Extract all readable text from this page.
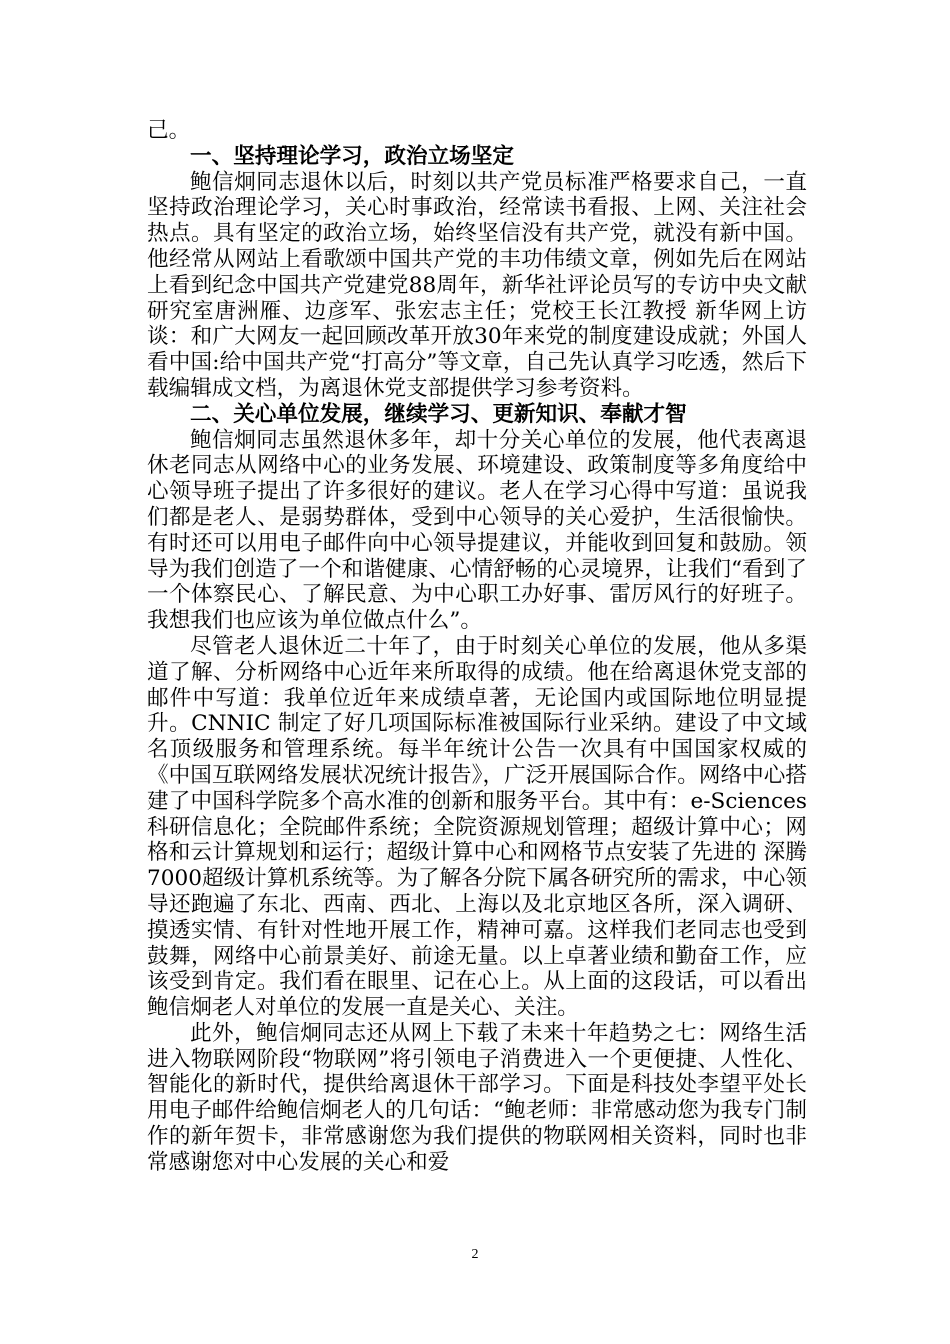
己。

一、坚持理论学习，政治立场坚定

鲍信炯同志退休以后，时刻以共产党员标准严格要求自己，一直坚持政治理论学习，关心时事政治，经常读书看报、上网、关注社会热点。具有坚定的政治立场，始终坚信没有共产党，就没有新中国。他经常从网站上看歌颂中国共产党的丰功伟绩文章，例如先后在网站上看到纪念中国共产党建党88周年，新华社评论员写的专访中央文献研究室唐洲雁、边彦军、张宏志主任；党校王长江教授 新华网上访谈：和广大网友一起回顾改革开放30年来党的制度建设成就；外国人看中国:给中国共产党“打高分”等文章，自己先认真学习吃透，然后下载编辑成文档，为离退休党支部提供学习参考资料。

二、关心单位发展，继续学习、更新知识、奉献才智

鲍信炯同志虽然退休多年，却十分关心单位的发展，他代表离退休老同志从网络中心的业务发展、环境建设、政策制度等多角度给中心领导班子提出了许多很好的建议。老人在学习心得中写道：虽说我们都是老人、是弱势群体，受到中心领导的关心爱护，生活很愉快。有时还可以用电子邮件向中心领导提建议，并能收到回复和鼓励。领导为我们创造了一个和谐健康、心情舒畅的心灵境界，让我们“看到了一个体察民心、了解民意、为中心职工办好事、雷厉风行的好班子。我想我们也应该为单位做点什么”。

尽管老人退休近二十年了，由于时刻关心单位的发展，他从多渠道了解、分析网络中心近年来所取得的成绩。他在给离退休党支部的邮件中写道：我单位近年来成绩卓著，无论国内或国际地位明显提升。CNNIC 制定了好几项国际标准被国际行业采纳。建设了中文域名顶级服务和管理系统。每半年统计公告一次具有中国国家权威的《中国互联网络发展状况统计报告》，广泛开展国际合作。网络中心搭建了中国科学院多个高水准的创新和服务平台。其中有：e-Sciences 科研信息化；全院邮件系统；全院资源规划管理；超级计算中心；网格和云计算规划和运行；超级计算中心和网格节点安装了先进的 深腾7000超级计算机系统等。为了解各分院下属各研究所的需求，中心领导还跑遍了东北、西南、西北、上海以及北京地区各所，深入调研、摸透实情、有针对性地开展工作，精神可嘉。这样我们老同志也受到鼓舞，网络中心前景美好、前途无量。以上卓著业绩和勤奋工作，应该受到肯定。我们看在眼里、记在心上。从上面的这段话，可以看出鲍信炯老人对单位的发展一直是关心、关注。

此外，鲍信炯同志还从网上下载了未来十年趋势之七：网络生活进入物联网阶段“物联网”将引领电子消费进入一个更便捷、人性化、智能化的新时代，提供给离退休干部学习。下面是科技处李望平处长用电子邮件给鲍信炯老人的几句话：“鲍老师：非常感动您为我专门制作的新年贺卡，非常感谢您为我们提供的物联网相关资料，同时也非常感谢您对中心发展的关心和爱

2
